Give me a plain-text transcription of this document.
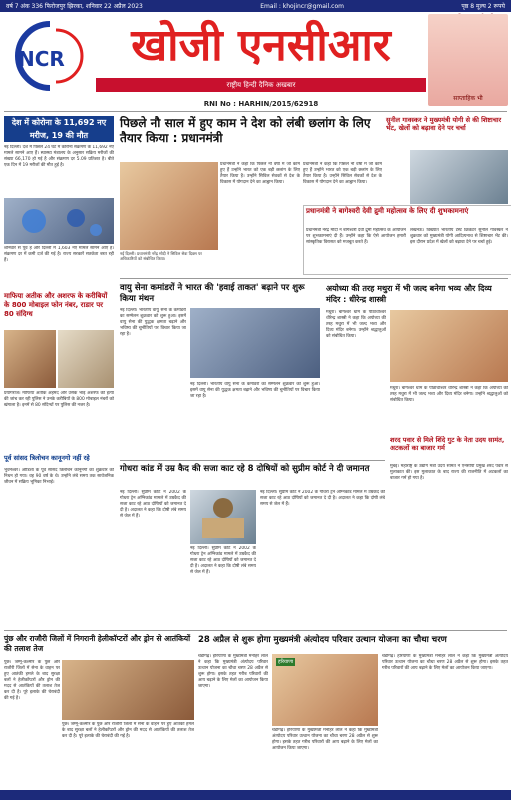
वर्ष 7 अंक 336 फिरोजपुर झिरका, शनिवार 22 अप्रैल 2023	Email : khojincr@gmail.com	पृष्ठ 8 मूल्य 2 रूपये
NCR	खोजी एनसीआर
राष्ट्रीय हिन्दी दैनिक अखबार
साप्ताहिक भी
RNI No : HARHIN/2015/62918
देश में कोरोना के 11,692 नए मरीज, 19 की मौत
नई दिल्ली। देश में पिछले 24 घंटे में कोरोना संक्रमण के 11,692 नए मामले सामने आए हैं। स्वास्थ्य मंत्रालय के अनुसार सक्रिय मरीजों की संख्या 66,170 हो गई है और संक्रमण दर 5.09 प्रतिशत है। बीते एक दिन में 19 मरीजों की मौत हुई है।
शनिवार से पूर्व हैं और दिल्ली में 1,603 नए मामले सामने आए हैं। संक्रमण दर में कमी दर्ज की गई है। राज्य सरकारें सतर्कता बरत रही हैं।
माफिया अतीक और अशरफ के करीबियों के 800 मोबाइल फोन नंबर, राडार पर 80 संदिग्ध
प्रयागराज। माफिया अतीक अहमद और उसके भाई अशरफ की हत्या की जांच कर रही पुलिस ने उनके करीबियों के 800 मोबाइल नंबरों को खंगाला है। इनमें से 80 संदिग्धों पर पुलिस की नजर है।
पूर्व सांसद त्रिलोचन कानूनगो नहीं रहे
भुवनेश्वर। ओडिशा के पूर्व सांसद त्रिलोचन कानूनगो का शुक्रवार को निधन हो गया। वह 90 वर्ष के थे। उन्होंने लंबे समय तक सार्वजनिक जीवन में सक्रिय भूमिका निभाई।
पिछले नौ साल में हुए काम ने देश को लंबी छलांग के लिए तैयार किया : प्रधानमंत्री
नई दिल्ली। प्रधानमंत्री नरेंद्र मोदी ने सिविल सेवा दिवस पर अधिकारियों को संबोधित किया।
प्रधानमंत्री ने कहा कि पिछले नौ वर्षों में जो काम हुए हैं उन्होंने भारत को एक बड़ी छलांग के लिए तैयार किया है। उन्होंने सिविल सेवकों से देश के विकास में योगदान देने का आह्वान किया।
प्रधानमंत्री ने कहा कि पिछले नौ वर्षों में जो काम हुए हैं उन्होंने भारत को एक बड़ी छलांग के लिए तैयार किया है। उन्होंने सिविल सेवकों से देश के विकास में योगदान देने का आह्वान किया।
प्रधानमंत्री ने बागेश्वरी देवी द्रुमी महोत्सव के लिए दी शुभकामनाएं
प्रधानमंत्री नरेंद्र मोदी ने बागेश्वरी देवी द्रुमी महोत्सव के आयोजन पर शुभकामनाएं दी हैं। उन्होंने कहा कि ऐसे आयोजन हमारी सांस्कृतिक विरासत को मजबूत करते हैं।
सुनील गावस्कर ने मुख्यमंत्री योगी से की शिष्टाचार भेंट, खेलों को बढ़ावा देने पर चर्चा
लखनऊ। विख्यात भारतीय टेस्ट क्रिकेटर सुनील गावस्कर ने शुक्रवार को मुख्यमंत्री योगी आदित्यनाथ से शिष्टाचार भेंट की। इस दौरान प्रदेश में खेलों को बढ़ावा देने पर चर्चा हुई।
वायु सेना कमांडरों ने भारत की 'हवाई ताकत' बढ़ाने पर शुरू किया मंथन
नई दिल्ली। भारतीय वायु सेना के कमांडरों का सम्मेलन शुक्रवार को शुरू हुआ। इसमें वायु सेना की युद्धक क्षमता बढ़ाने और भविष्य की चुनौतियों पर विचार किया जा रहा है।
नई दिल्ली। भारतीय वायु सेना के कमांडरों का सम्मेलन शुक्रवार को शुरू हुआ। इसमें वायु सेना की युद्धक क्षमता बढ़ाने और भविष्य की चुनौतियों पर विचार किया जा रहा है।
अयोध्या की तरह मथुरा में भी जल्द बनेगा भव्य और दिव्य मंदिर : धीरेन्द्र शास्त्री
मथुरा। बागेश्वर धाम के पीठाधीश्वर धीरेन्द्र शास्त्री ने कहा कि अयोध्या की तरह मथुरा में भी जल्द भव्य और दिव्य मंदिर बनेगा। उन्होंने श्रद्धालुओं को संबोधित किया।
मथुरा। बागेश्वर धाम के पीठाधीश्वर धीरेन्द्र शास्त्री ने कहा कि अयोध्या की तरह मथुरा में भी जल्द भव्य और दिव्य मंदिर बनेगा। उन्होंने श्रद्धालुओं को संबोधित किया।
शरद पवार से मिले शिंदे गुट के नेता उदय सामंत, अटकलों का बाजार गर्म
मुंबई। महाराष्ट्र के उद्योग मंत्री उदय सामंत ने एनसीपी प्रमुख शरद पवार से मुलाकात की। इस मुलाकात के बाद राज्य की राजनीति में अटकलों का बाजार गर्म हो गया है।
गोधरा कांड में उम्र कैद की सजा काट रहे 8 दोषियों को सुप्रीम कोर्ट ने दी जमानत
नई दिल्ली। सुप्रीम कोर्ट ने 2002 के गोधरा ट्रेन अग्निकांड मामले में उम्रकैद की सजा काट रहे आठ दोषियों को जमानत दे दी है। अदालत ने कहा कि दोषी लंबे समय से जेल में हैं।
नई दिल्ली। सुप्रीम कोर्ट ने 2002 के गोधरा ट्रेन अग्निकांड मामले में उम्रकैद की सजा काट रहे आठ दोषियों को जमानत दे दी है। अदालत ने कहा कि दोषी लंबे समय से जेल में हैं।
नई दिल्ली। सुप्रीम कोर्ट ने 2002 के गोधरा ट्रेन अग्निकांड मामले में उम्रकैद की सजा काट रहे आठ दोषियों को जमानत दे दी है। अदालत ने कहा कि दोषी लंबे समय से जेल में हैं।
पुंछ और राजौरी जिलों में निगरानी हेलीकॉप्टरों और ड्रोन से आतंकियों की तलाश तेज
पुंछ। जम्मू-कश्मीर के पुंछ और राजौरी जिलों में सेना के वाहन पर हुए आतंकी हमले के बाद सुरक्षा बलों ने हेलीकॉप्टरों और ड्रोन की मदद से आतंकियों की तलाश तेज कर दी है। पूरे इलाके की घेराबंदी की गई है।
पुंछ। जम्मू-कश्मीर के पुंछ और राजौरी जिलों में सेना के वाहन पर हुए आतंकी हमले के बाद सुरक्षा बलों ने हेलीकॉप्टरों और ड्रोन की मदद से आतंकियों की तलाश तेज कर दी है। पूरे इलाके की घेराबंदी की गई है।
28 अप्रैल से शुरू होगा मुख्यमंत्री अंत्योदय परिवार उत्थान योजना का चौथा चरण
चंडीगढ़। हरियाणा के मुख्यमंत्री मनोहर लाल ने कहा कि मुख्यमंत्री अंत्योदय परिवार उत्थान योजना का चौथा चरण 28 अप्रैल से शुरू होगा। इसके तहत गरीब परिवारों की आय बढ़ाने के लिए मेलों का आयोजन किया जाएगा।
हरियाणा
चंडीगढ़। हरियाणा के मुख्यमंत्री मनोहर लाल ने कहा कि मुख्यमंत्री अंत्योदय परिवार उत्थान योजना का चौथा चरण 28 अप्रैल से शुरू होगा। इसके तहत गरीब परिवारों की आय बढ़ाने के लिए मेलों का आयोजन किया जाएगा।
चंडीगढ़। हरियाणा के मुख्यमंत्री मनोहर लाल ने कहा कि मुख्यमंत्री अंत्योदय परिवार उत्थान योजना का चौथा चरण 28 अप्रैल से शुरू होगा। इसके तहत गरीब परिवारों की आय बढ़ाने के लिए मेलों का आयोजन किया जाएगा।
